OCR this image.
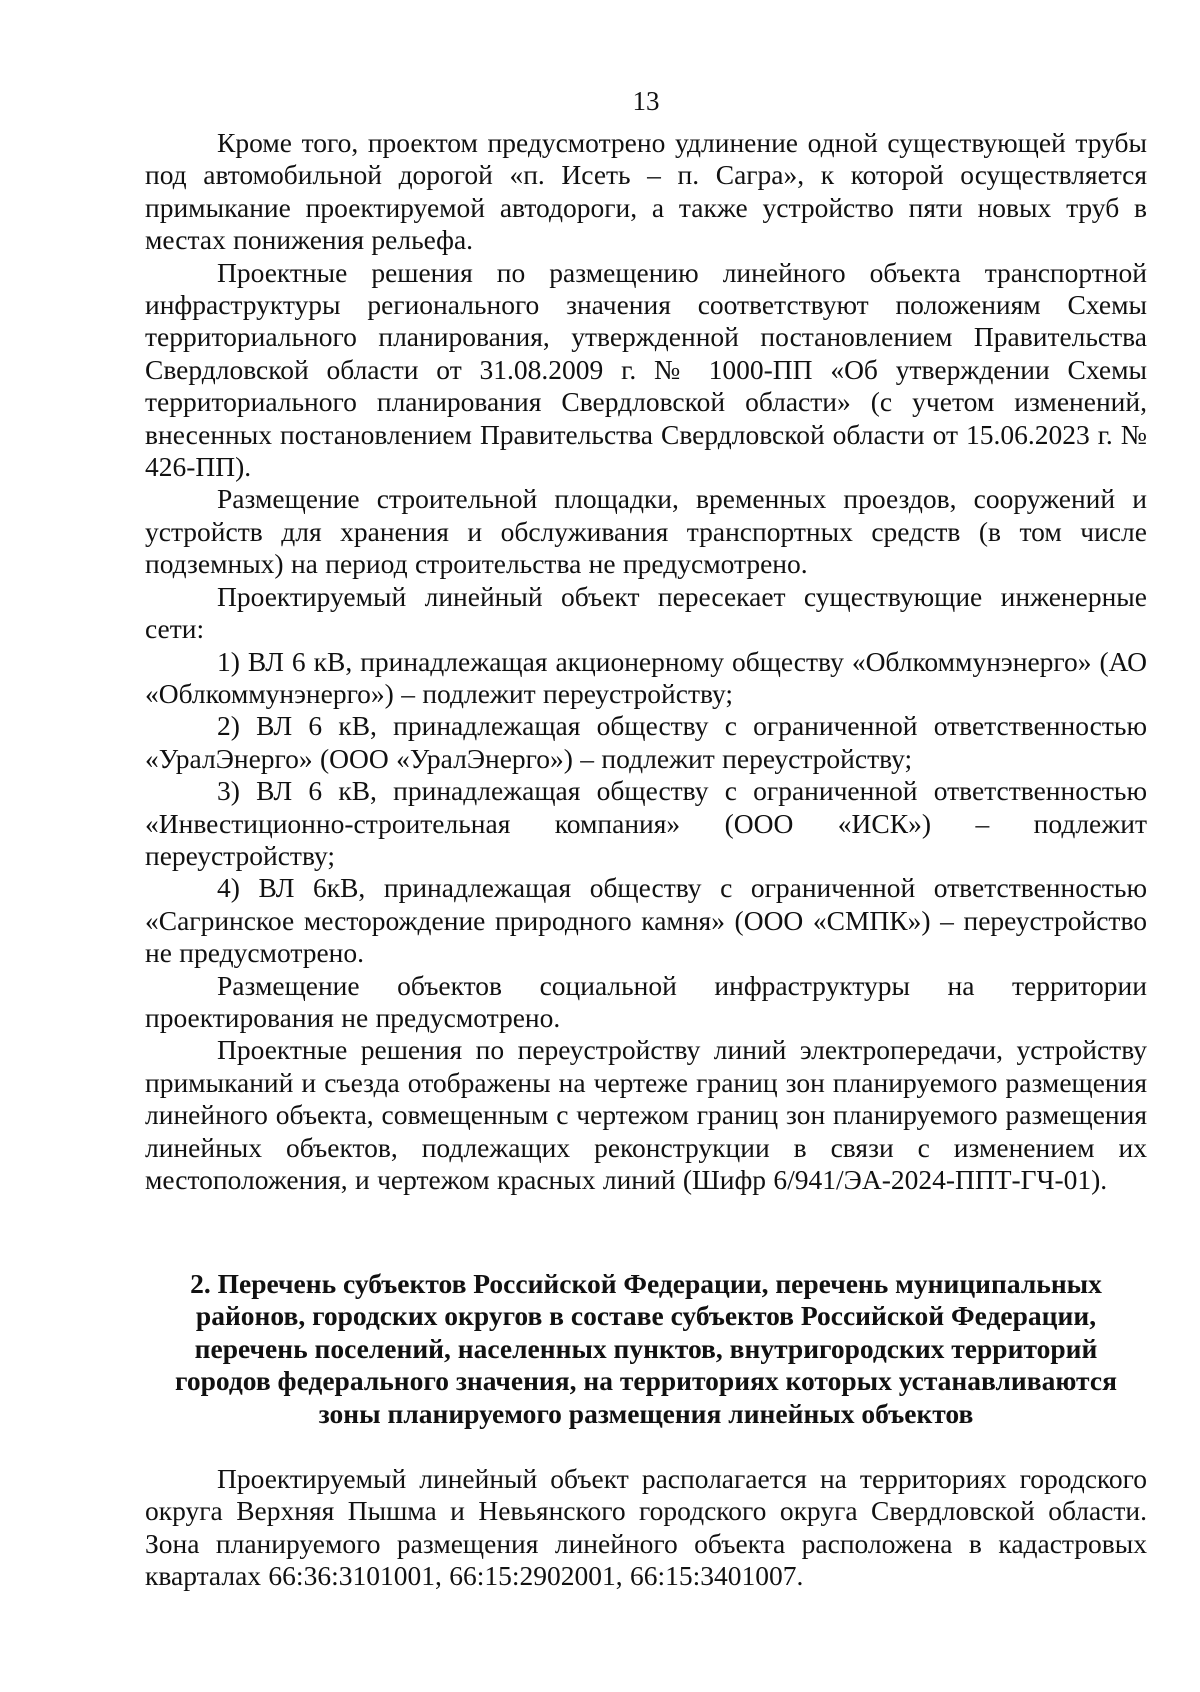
13

Кроме того, проектом предусмотрено удлинение одной существующей трубы под автомобильной дорогой «п. Исеть – п. Сагра», к которой осуществляется примыкание проектируемой автодороги, а также устройство пяти новых труб в местах понижения рельефа.

Проектные решения по размещению линейного объекта транспортной инфраструктуры регионального значения соответствуют положениям Схемы территориального планирования, утвержденной постановлением Правительства Свердловской области от 31.08.2009 г. № 1000-ПП «Об утверждении Схемы территориального планирования Свердловской области» (с учетом изменений, внесенных постановлением Правительства Свердловской области от 15.06.2023 г. № 426-ПП).

Размещение строительной площадки, временных проездов, сооружений и устройств для хранения и обслуживания транспортных средств (в том числе подземных) на период строительства не предусмотрено.

Проектируемый линейный объект пересекает существующие инженерные сети:

1) ВЛ 6 кВ, принадлежащая акционерному обществу «Облкоммунэнерго» (АО «Облкоммунэнерго») – подлежит переустройству;

2) ВЛ 6 кВ, принадлежащая обществу с ограниченной ответственностью «УралЭнерго» (ООО «УралЭнерго») – подлежит переустройству;

3) ВЛ 6 кВ, принадлежащая обществу с ограниченной ответственностью «Инвестиционно-строительная компания» (ООО «ИСК») – подлежит переустройству;

4) ВЛ 6кВ, принадлежащая обществу с ограниченной ответственностью «Сагринское месторождение природного камня» (ООО «СМПК») – переустройство не предусмотрено.

Размещение объектов социальной инфраструктуры на территории проектирования не предусмотрено.

Проектные решения по переустройству линий электропередачи, устройству примыканий и съезда отображены на чертеже границ зон планируемого размещения линейного объекта, совмещенным с чертежом границ зон планируемого размещения линейных объектов, подлежащих реконструкции в связи с изменением их местоположения, и чертежом красных линий (Шифр 6/941/ЭА-2024-ППТ-ГЧ-01).

2. Перечень субъектов Российской Федерации, перечень муниципальных районов, городских округов в составе субъектов Российской Федерации, перечень поселений, населенных пунктов, внутригородских территорий городов федерального значения, на территориях которых устанавливаются зоны планируемого размещения линейных объектов

Проектируемый линейный объект располагается на территориях городского округа Верхняя Пышма и Невьянского городского округа Свердловской области. Зона планируемого размещения линейного объекта расположена в кадастровых кварталах 66:36:3101001, 66:15:2902001, 66:15:3401007.
